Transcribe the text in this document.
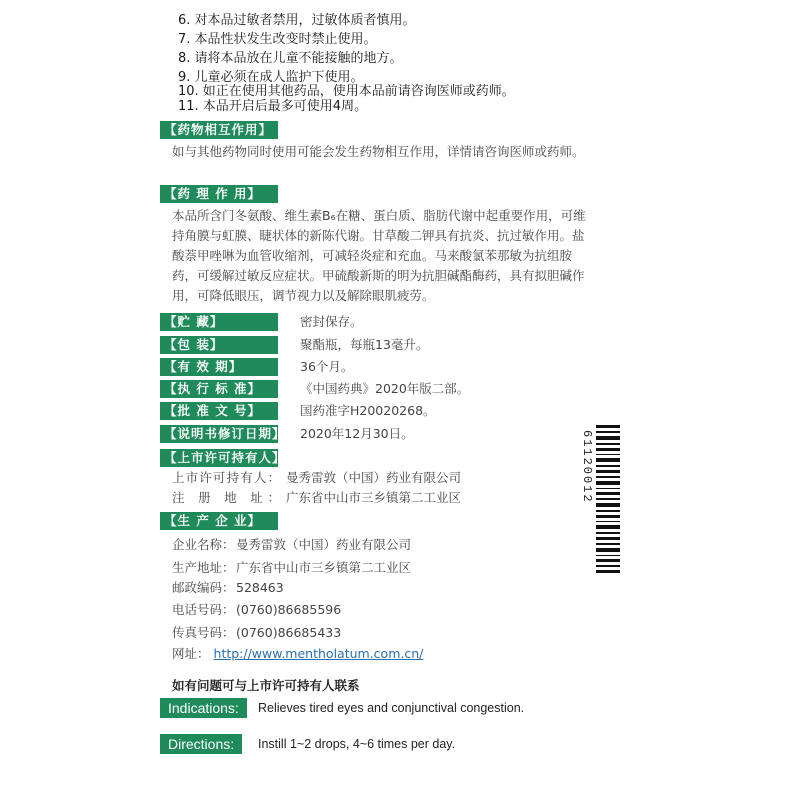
6. 对本品过敏者禁用，过敏体质者慎用。
7. 本品性状发生改变时禁止使用。
8. 请将本品放在儿童不能接触的地方。
9. 儿童必须在成人监护下使用。
10. 如正在使用其他药品，使用本品前请咨询医师或药师。
11. 本品开启后最多可使用4周。
【药物相互作用】
如与其他药物同时使用可能会发生药物相互作用，详情请咨询医师或药师。
【药 理 作 用】
本品所含门冬氨酸、维生素B₆在糖、蛋白质、脂肪代谢中起重要作用，可维持角膜与虹膜、睫状体的新陈代谢。甘草酸二钾具有抗炎、抗过敏作用。盐酸萘甲唑啉为血管收缩剂，可减轻炎症和充血。马来酸氯苯那敏为抗组胺药，可缓解过敏反应症状。甲硫酸新斯的明为抗胆碱酯酶药，具有拟胆碱作用，可降低眼压，调节视力以及解除眼肌疲劳。
【贮 藏】	密封保存。
【包 装】	聚酯瓶，每瓶13毫升。
【有 效 期】	36个月。
【执 行 标 准】	《中国药典》2020年版二部。
【批 准 文 号】	国药准字H20020268。
【说明书修订日期】 2020年12月30日。
【上市许可持有人】
上市许可持有人： 曼秀雷敦（中国）药业有限公司
注 册 地 址： 广东省中山市三乡镇第二工业区
【生 产 企 业】
企业名称：曼秀雷敦（中国）药业有限公司
生产地址：广东省中山市三乡镇第二工业区
邮政编码：528463
电话号码：(0760)86685596
传真号码：(0760)86685433
网址： http://www.mentholatum.com.cn/
如有问题可与上市许可持有人联系
Indications:	Relieves tired eyes and conjunctival congestion.
Directions:	Instill 1~2 drops, 4~6 times per day.
61120012
